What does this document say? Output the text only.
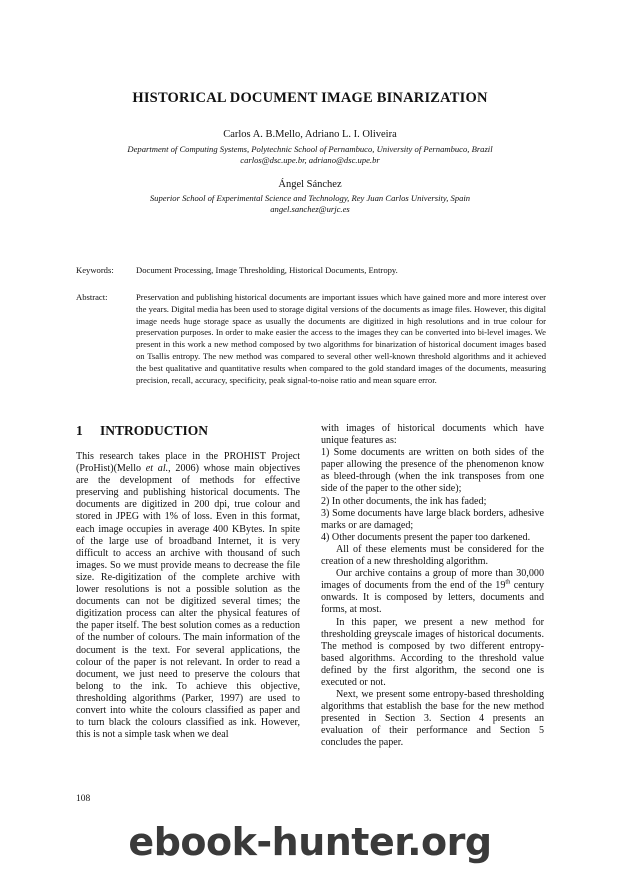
HISTORICAL DOCUMENT IMAGE BINARIZATION
Carlos A. B.Mello, Adriano L. I. Oliveira
Department of Computing Systems, Polytechnic School of Pernambuco, University of Pernambuco, Brazil
carlos@dsc.upe.br, adriano@dsc.upe.br
Ángel Sánchez
Superior School of Experimental Science and Technology, Rey Juan Carlos University, Spain
angel.sanchez@urjc.es
Keywords:	Document Processing, Image Thresholding, Historical Documents, Entropy.
Abstract:	Preservation and publishing historical documents are important issues which have gained more and more interest over the years. Digital media has been used to storage digital versions of the documents as image files. However, this digital image needs huge storage space as usually the documents are digitized in high resolutions and in true colour for preservation purposes. In order to make easier the access to the images they can be converted into bi-level images. We present in this work a new method composed by two algorithms for binarization of historical document images based on Tsallis entropy. The new method was compared to several other well-known threshold algorithms and it achieved the best qualitative and quantitative results when compared to the gold standard images of the documents, measuring precision, recall, accuracy, specificity, peak signal-to-noise ratio and mean square error.
1 INTRODUCTION

This research takes place in the PROHIST Project (ProHist)(Mello et al., 2006) whose main objectives are the development of methods for effective preserving and publishing historical documents. The documents are digitized in 200 dpi, true colour and stored in JPEG with 1% of loss. Even in this format, each image occupies in average 400 KBytes. In spite of the large use of broadband Internet, it is very difficult to access an archive with thousand of such images. So we must provide means to decrease the file size. Re-digitization of the complete archive with lower resolutions is not a possible solution as the documents can not be digitized several times; the digitization process can alter the physical features of the paper itself. The best solution comes as a reduction of the number of colours. The main information of the document is the text. For several applications, the colour of the paper is not relevant. In order to read a document, we just need to preserve the colours that belong to the ink. To achieve this objective, thresholding algorithms (Parker, 1997) are used to convert into white the colours classified as paper and to turn black the colours classified as ink. However, this is not a simple task when we deal

with images of historical documents which have unique features as:

1) Some documents are written on both sides of the paper allowing the presence of the phenomenon know as bleed-through (when the ink transposes from one side of the paper to the other side);

2) In other documents, the ink has faded;

3) Some documents have large black borders, adhesive marks or are damaged;

4) Other documents present the paper too darkened.

All of these elements must be considered for the creation of a new thresholding algorithm.

Our archive contains a group of more than 30,000 images of documents from the end of the 19th century onwards. It is composed by letters, documents and forms, at most.

In this paper, we present a new method for thresholding greyscale images of historical documents. The method is composed by two different entropy-based algorithms. According to the threshold value defined by the first algorithm, the second one is executed or not.

Next, we present some entropy-based thresholding algorithms that establish the base for the new method presented in Section 3. Section 4 presents an evaluation of their performance and Section 5 concludes the paper.

108
ebook-hunter.org
